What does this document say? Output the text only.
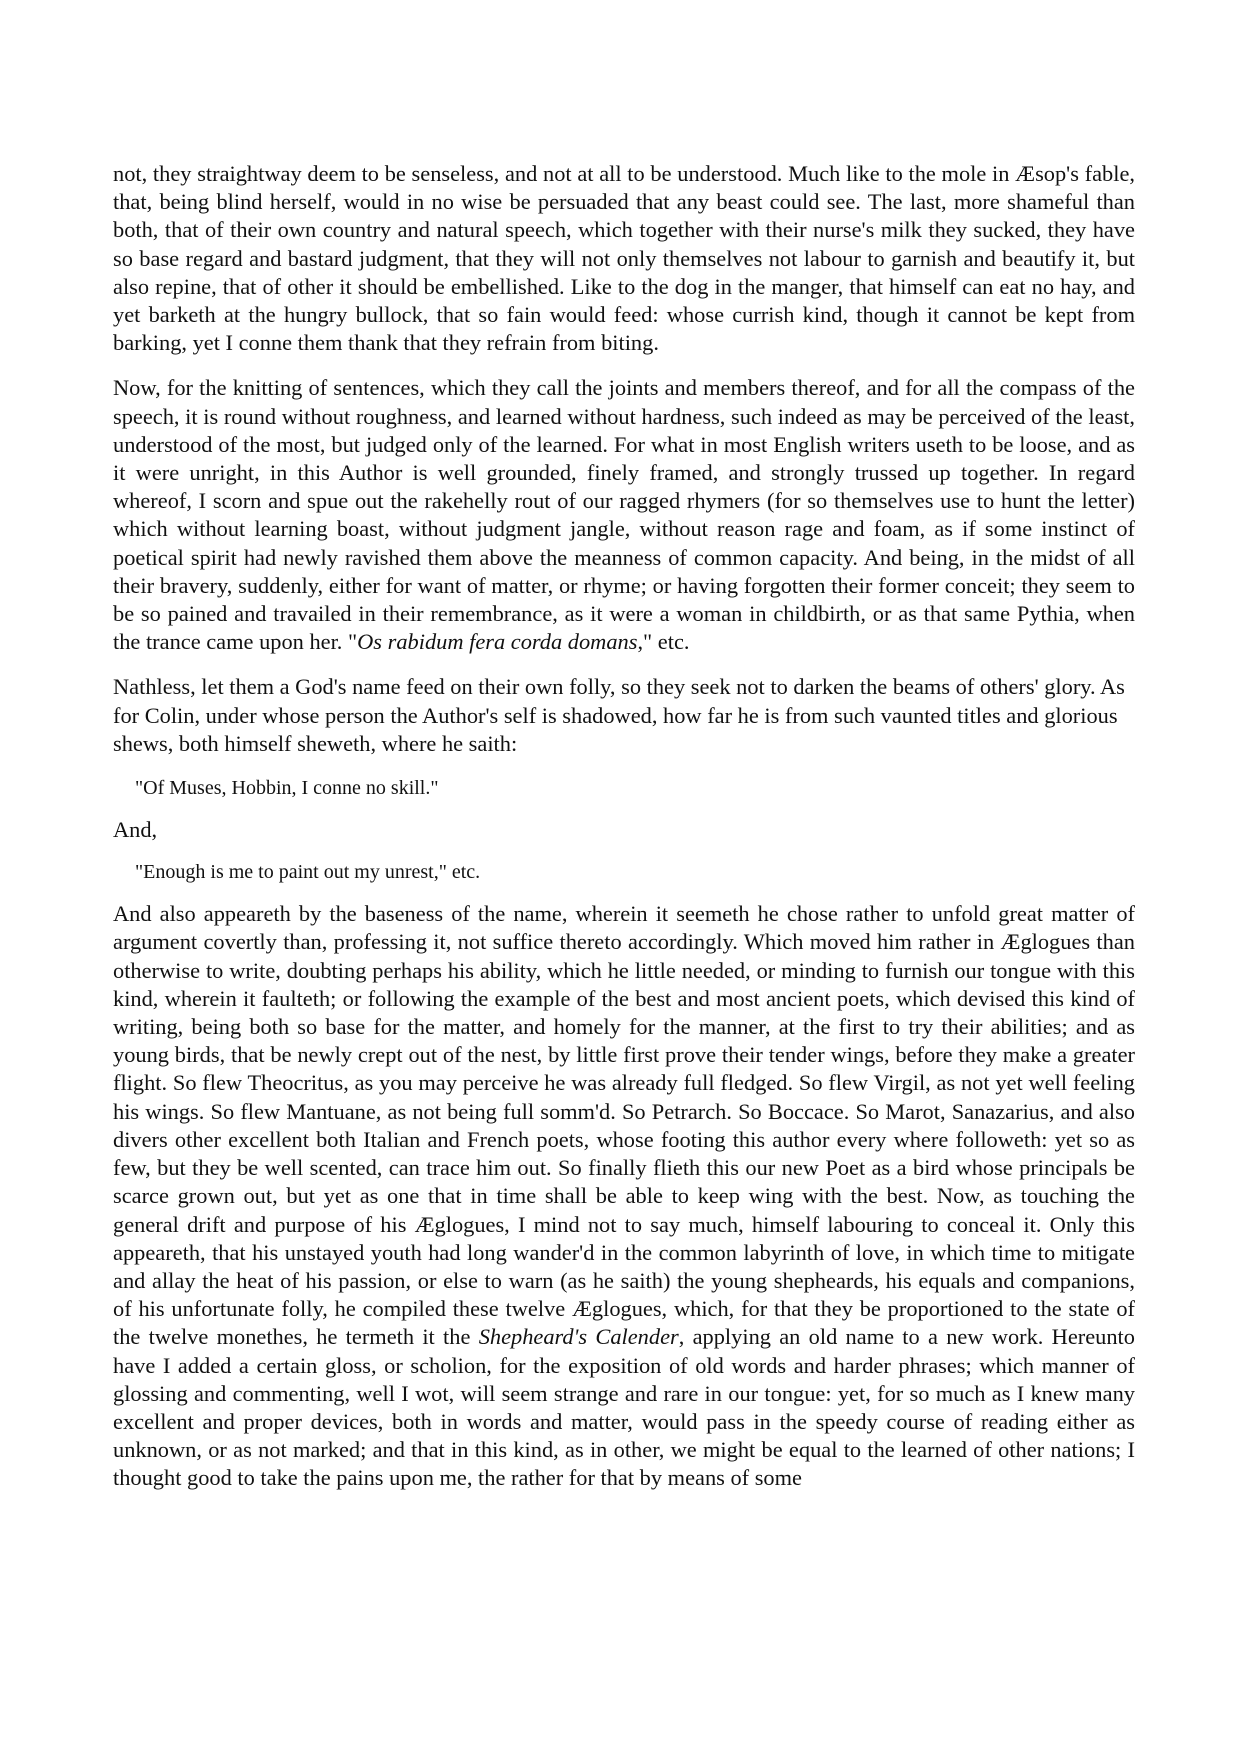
not, they straightway deem to be senseless, and not at all to be understood. Much like to the mole in Æsop's fable, that, being blind herself, would in no wise be persuaded that any beast could see. The last, more shameful than both, that of their own country and natural speech, which together with their nurse's milk they sucked, they have so base regard and bastard judgment, that they will not only themselves not labour to garnish and beautify it, but also repine, that of other it should be embellished. Like to the dog in the manger, that himself can eat no hay, and yet barketh at the hungry bullock, that so fain would feed: whose currish kind, though it cannot be kept from barking, yet I conne them thank that they refrain from biting.

Now, for the knitting of sentences, which they call the joints and members thereof, and for all the compass of the speech, it is round without roughness, and learned without hardness, such indeed as may be perceived of the least, understood of the most, but judged only of the learned. For what in most English writers useth to be loose, and as it were unright, in this Author is well grounded, finely framed, and strongly trussed up together. In regard whereof, I scorn and spue out the rakehelly rout of our ragged rhymers (for so themselves use to hunt the letter) which without learning boast, without judgment jangle, without reason rage and foam, as if some instinct of poetical spirit had newly ravished them above the meanness of common capacity. And being, in the midst of all their bravery, suddenly, either for want of matter, or rhyme; or having forgotten their former conceit; they seem to be so pained and travailed in their remembrance, as it were a woman in childbirth, or as that same Pythia, when the trance came upon her. "Os rabidum fera corda domans," etc.

Nathless, let them a God's name feed on their own folly, so they seek not to darken the beams of others' glory. As for Colin, under whose person the Author's self is shadowed, how far he is from such vaunted titles and glorious shews, both himself sheweth, where he saith:

"Of Muses, Hobbin, I conne no skill."

And,

"Enough is me to paint out my unrest," etc.

And also appeareth by the baseness of the name, wherein it seemeth he chose rather to unfold great matter of argument covertly than, professing it, not suffice thereto accordingly. Which moved him rather in Æglogues than otherwise to write, doubting perhaps his ability, which he little needed, or minding to furnish our tongue with this kind, wherein it faulteth; or following the example of the best and most ancient poets, which devised this kind of writing, being both so base for the matter, and homely for the manner, at the first to try their abilities; and as young birds, that be newly crept out of the nest, by little first prove their tender wings, before they make a greater flight. So flew Theocritus, as you may perceive he was already full fledged. So flew Virgil, as not yet well feeling his wings. So flew Mantuane, as not being full somm'd. So Petrarch. So Boccace. So Marot, Sanazarius, and also divers other excellent both Italian and French poets, whose footing this author every where followeth: yet so as few, but they be well scented, can trace him out. So finally flieth this our new Poet as a bird whose principals be scarce grown out, but yet as one that in time shall be able to keep wing with the best. Now, as touching the general drift and purpose of his Æglogues, I mind not to say much, himself labouring to conceal it. Only this appeareth, that his unstayed youth had long wander'd in the common labyrinth of love, in which time to mitigate and allay the heat of his passion, or else to warn (as he saith) the young shepheards, his equals and companions, of his unfortunate folly, he compiled these twelve Æglogues, which, for that they be proportioned to the state of the twelve monethes, he termeth it the Shepheard's Calender, applying an old name to a new work. Hereunto have I added a certain gloss, or scholion, for the exposition of old words and harder phrases; which manner of glossing and commenting, well I wot, will seem strange and rare in our tongue: yet, for so much as I knew many excellent and proper devices, both in words and matter, would pass in the speedy course of reading either as unknown, or as not marked; and that in this kind, as in other, we might be equal to the learned of other nations; I thought good to take the pains upon me, the rather for that by means of some
